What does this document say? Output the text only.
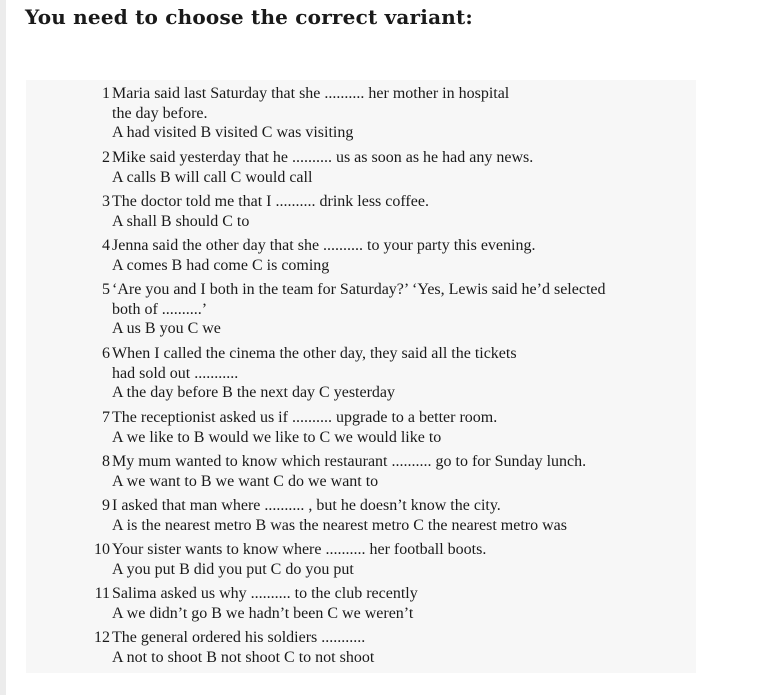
You need to choose the correct variant:
1 Maria said last Saturday that she .......... her mother in hospital
the day before.
A had visited B visited C was visiting
2 Mike said yesterday that he .......... us as soon as he had any news.
A calls B will call C would call
3 The doctor told me that I .......... drink less coffee.
A shall B should C to
4 Jenna said the other day that she .......... to your party this evening.
A comes B had come C is coming
5 ‘Are you and I both in the team for Saturday?’ ‘Yes, Lewis said he’d selected
both of ..........’
A us B you C we
6 When I called the cinema the other day, they said all the tickets
had sold out ...........
A the day before B the next day C yesterday
7 The receptionist asked us if .......... upgrade to a better room.
A we like to B would we like to C we would like to
8 My mum wanted to know which restaurant .......... go to for Sunday lunch.
A we want to B we want C do we want to
9 I asked that man where .......... , but he doesn’t know the city.
A is the nearest metro B was the nearest metro C the nearest metro was
10 Your sister wants to know where .......... her football boots.
A you put B did you put C do you put
11 Salima asked us why .......... to the club recently
A we didn’t go B we hadn’t been C we weren’t
12 The general ordered his soldiers ...........
A not to shoot B not shoot C to not shoot
